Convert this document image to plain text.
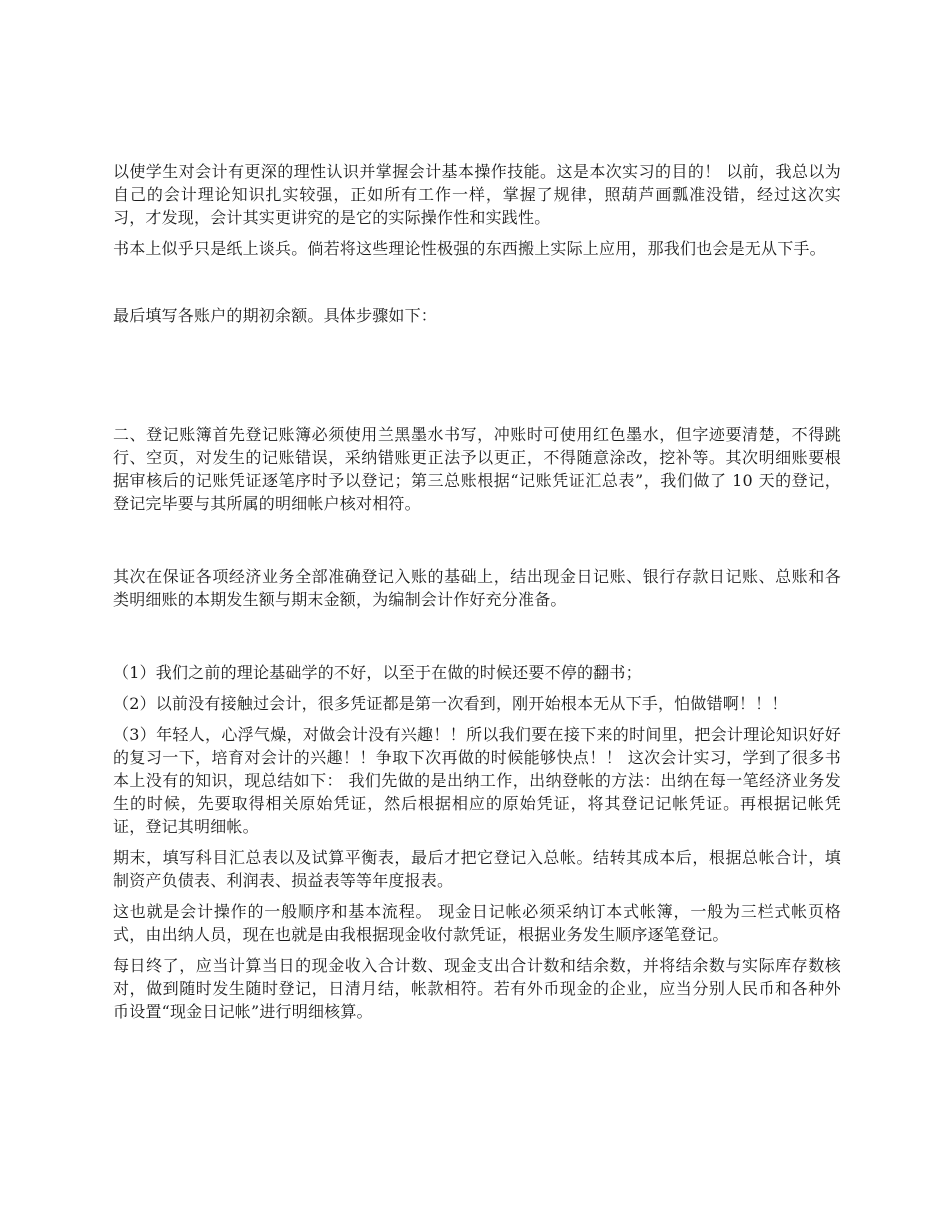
以使学生对会计有更深的理性认识并掌握会计基本操作技能。这是本次实习的目的！ 以前，我总以为自己的会计理论知识扎实较强，正如所有工作一样，掌握了规律，照葫芦画瓢准没错，经过这次实习，才发现，会计其实更讲究的是它的实际操作性和实践性。

书本上似乎只是纸上谈兵。倘若将这些理论性极强的东西搬上实际上应用，那我们也会是无从下手。

最后填写各账户的期初余额。具体步骤如下：

二、登记账簿首先登记账簿必须使用兰黑墨水书写，冲账时可使用红色墨水，但字迹要清楚，不得跳行、空页，对发生的记账错误，采纳错账更正法予以更正，不得随意涂改，挖补等。其次明细账要根据审核后的记账凭证逐笔序时予以登记；第三总账根据“记账凭证汇总表”，我们做了 10 天的登记，登记完毕要与其所属的明细帐户核对相符。

其次在保证各项经济业务全部准确登记入账的基础上，结出现金日记账、银行存款日记账、总账和各类明细账的本期发生额与期末金额，为编制会计作好充分准备。

（1）我们之前的理论基础学的不好，以至于在做的时候还要不停的翻书；

（2）以前没有接触过会计，很多凭证都是第一次看到，刚开始根本无从下手，怕做错啊！！！

（3）年轻人，心浮气燥，对做会计没有兴趣！！所以我们要在接下来的时间里，把会计理论知识好好的复习一下，培育对会计的兴趣！！争取下次再做的时候能够快点！！ 这次会计实习，学到了很多书本上没有的知识，现总结如下： 我们先做的是出纳工作，出纳登帐的方法：出纳在每一笔经济业务发生的时候，先要取得相关原始凭证，然后根据相应的原始凭证，将其登记记帐凭证。再根据记帐凭证，登记其明细帐。

期末，填写科目汇总表以及试算平衡表，最后才把它登记入总帐。结转其成本后，根据总帐合计，填制资产负债表、利润表、损益表等等年度报表。

这也就是会计操作的一般顺序和基本流程。 现金日记帐必须采纳订本式帐簿，一般为三栏式帐页格式，由出纳人员，现在也就是由我根据现金收付款凭证，根据业务发生顺序逐笔登记。

每日终了，应当计算当日的现金收入合计数、现金支出合计数和结余数，并将结余数与实际库存数核对，做到随时发生随时登记，日清月结，帐款相符。若有外币现金的企业，应当分别人民币和各种外币设置“现金日记帐”进行明细核算。
